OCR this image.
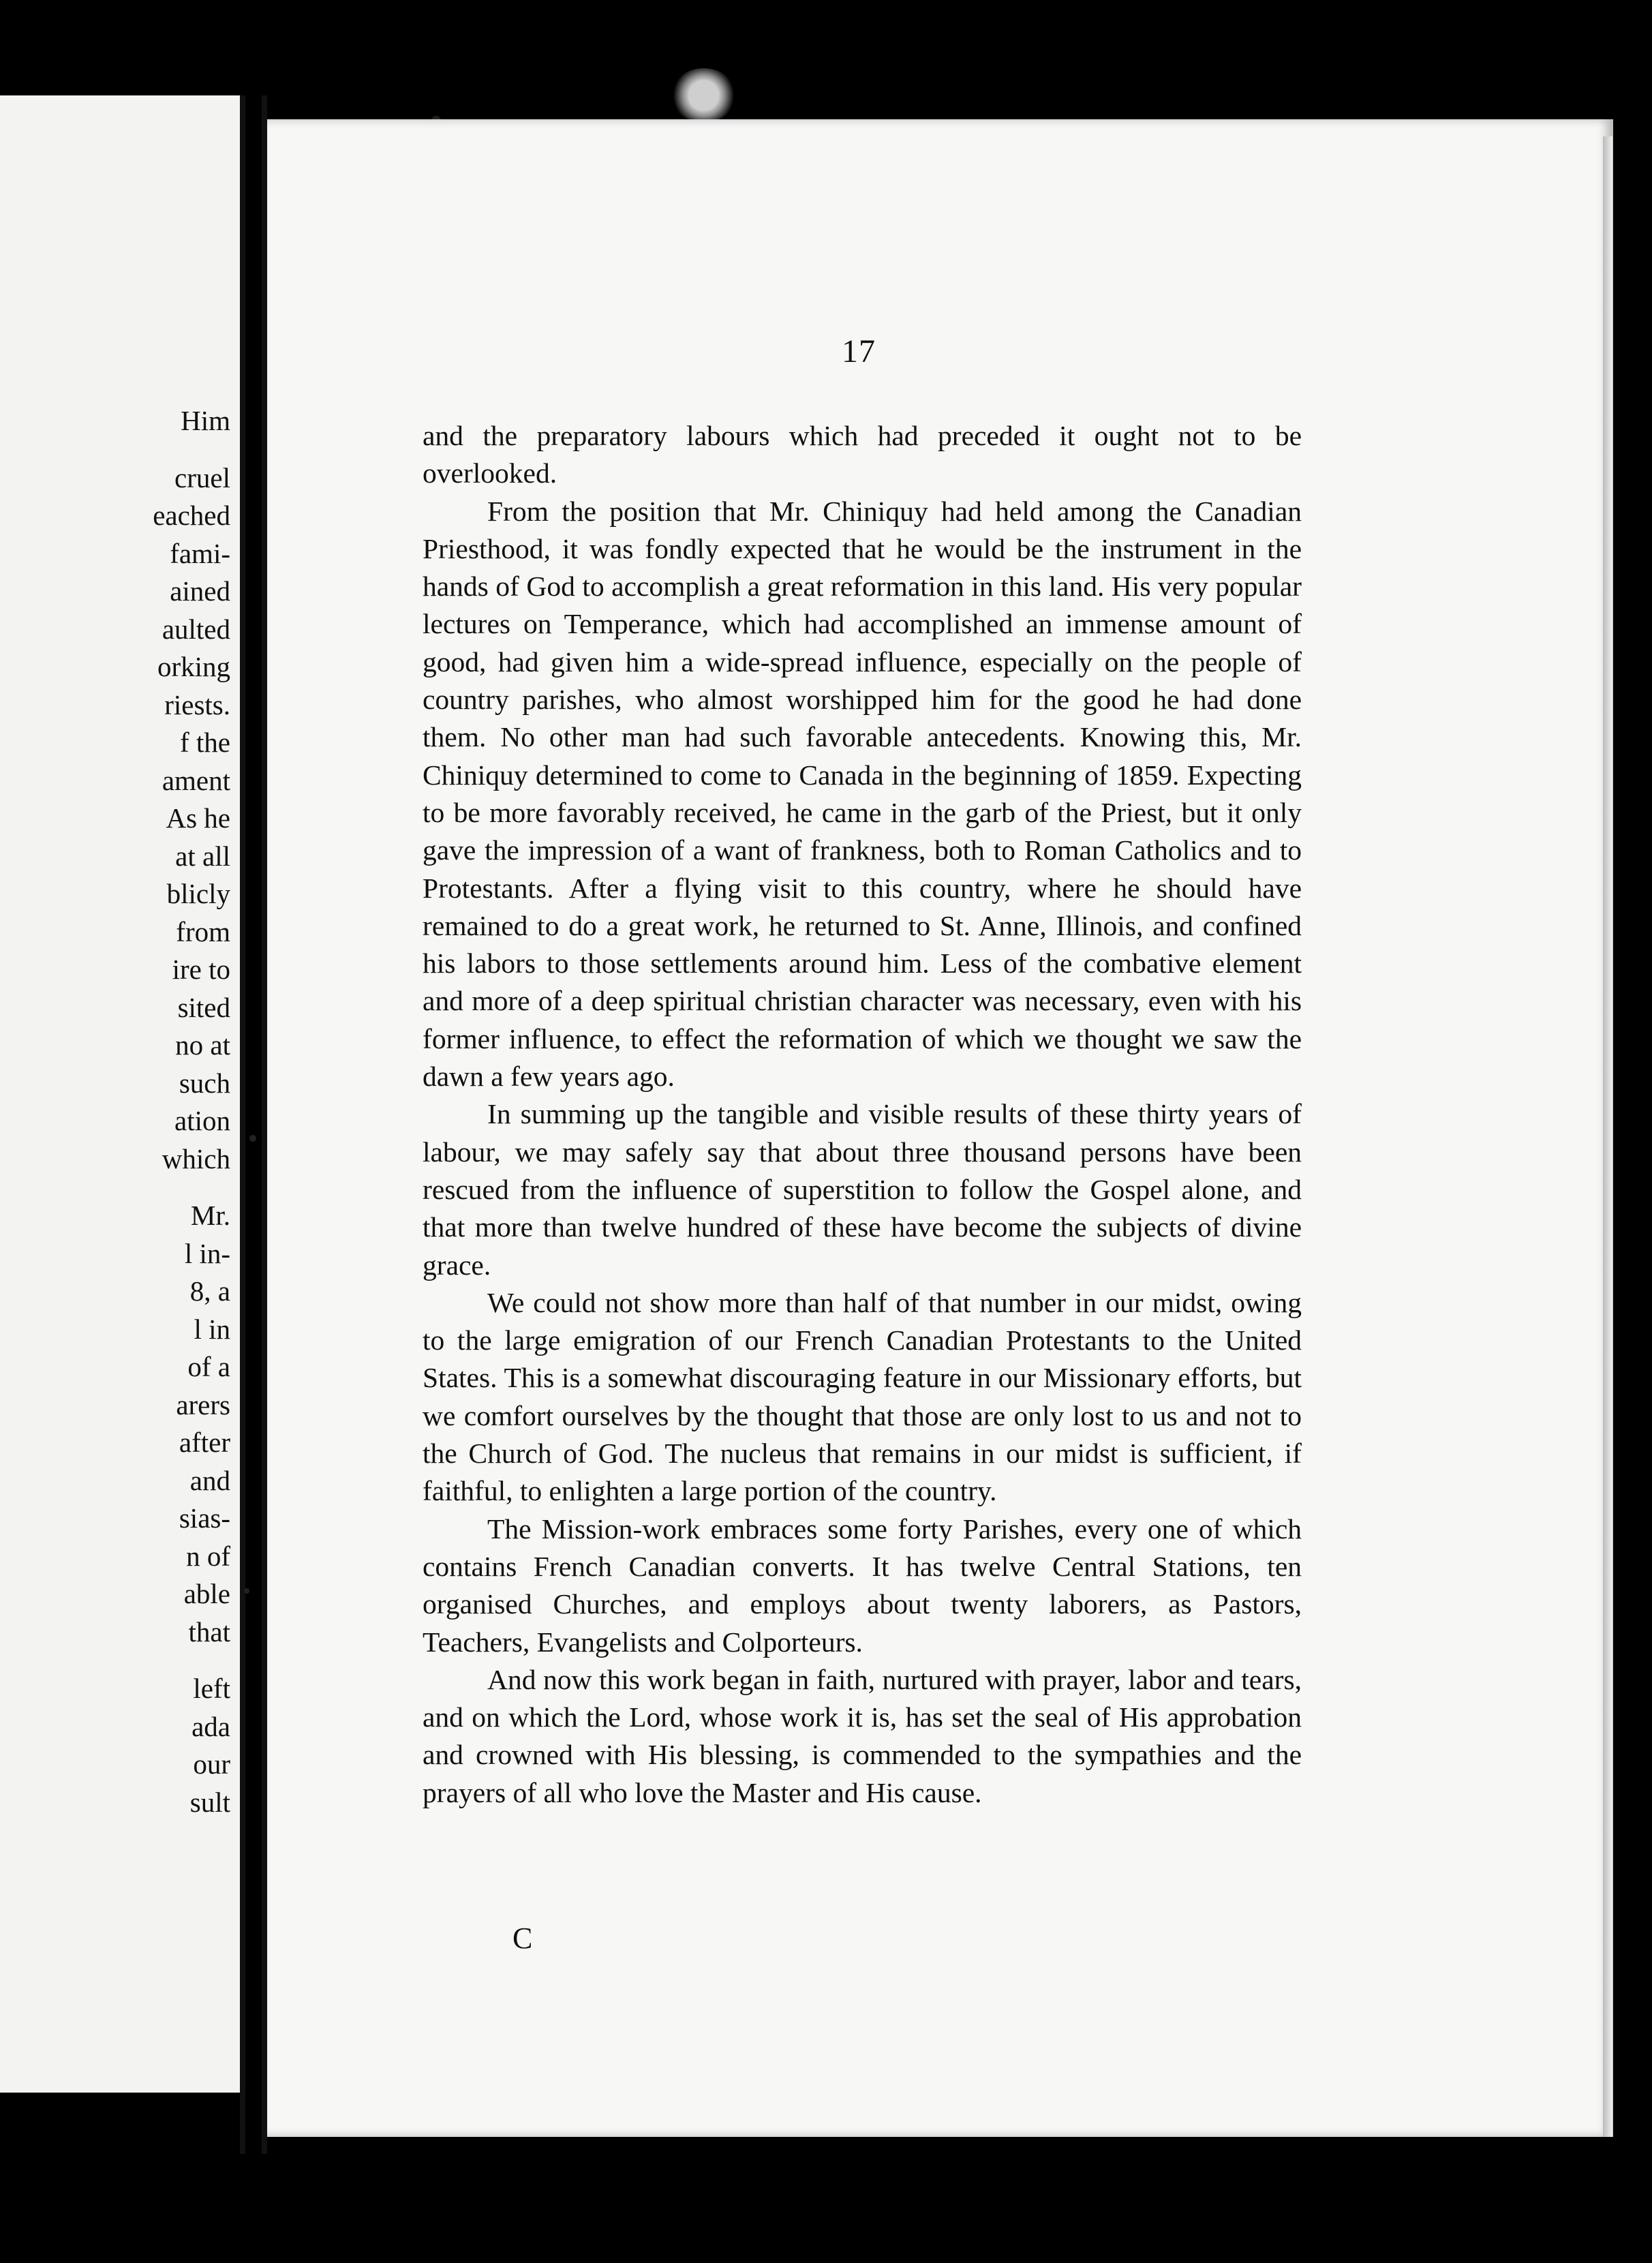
Him
cruel
eached
fami-
ained
aulted
orking
riests.
f the
ament
As he
at all
blicly
from
ire to
sited
no at
such
ation
which
Mr.
l in-
8, a
l in
of a
arers
after
and
sias-
n of
able
that
left
ada
our
sult
17

and the preparatory labours which had preceded it ought not to be overlooked.

From the position that Mr. Chiniquy had held among the Canadian Priesthood, it was fondly expected that he would be the instrument in the hands of God to accomplish a great reformation in this land. His very popular lectures on Temperance, which had accomplished an immense amount of good, had given him a wide-spread influence, especially on the people of country parishes, who almost worshipped him for the good he had done them. No other man had such favorable antecedents. Knowing this, Mr. Chiniquy determined to come to Canada in the beginning of 1859. Expecting to be more favorably received, he came in the garb of the Priest, but it only gave the impression of a want of frankness, both to Roman Catholics and to Protestants. After a flying visit to this country, where he should have remained to do a great work, he returned to St. Anne, Illinois, and confined his labors to those settlements around him. Less of the combative element and more of a deep spiritual christian character was necessary, even with his former influence, to effect the reformation of which we thought we saw the dawn a few years ago.

In summing up the tangible and visible results of these thirty years of labour, we may safely say that about three thousand persons have been rescued from the influence of superstition to follow the Gospel alone, and that more than twelve hundred of these have become the subjects of divine grace.

We could not show more than half of that number in our midst, owing to the large emigration of our French Canadian Protestants to the United States. This is a somewhat discouraging feature in our Missionary efforts, but we comfort ourselves by the thought that those are only lost to us and not to the Church of God. The nucleus that remains in our midst is sufficient, if faithful, to enlighten a large portion of the country.

The Mission-work embraces some forty Parishes, every one of which contains French Canadian converts. It has twelve Central Stations, ten organised Churches, and employs about twenty laborers, as Pastors, Teachers, Evangelists and Colporteurs.

And now this work began in faith, nurtured with prayer, labor and tears, and on which the Lord, whose work it is, has set the seal of His approbation and crowned with His blessing, is commended to the sympathies and the prayers of all who love the Master and His cause.

C
